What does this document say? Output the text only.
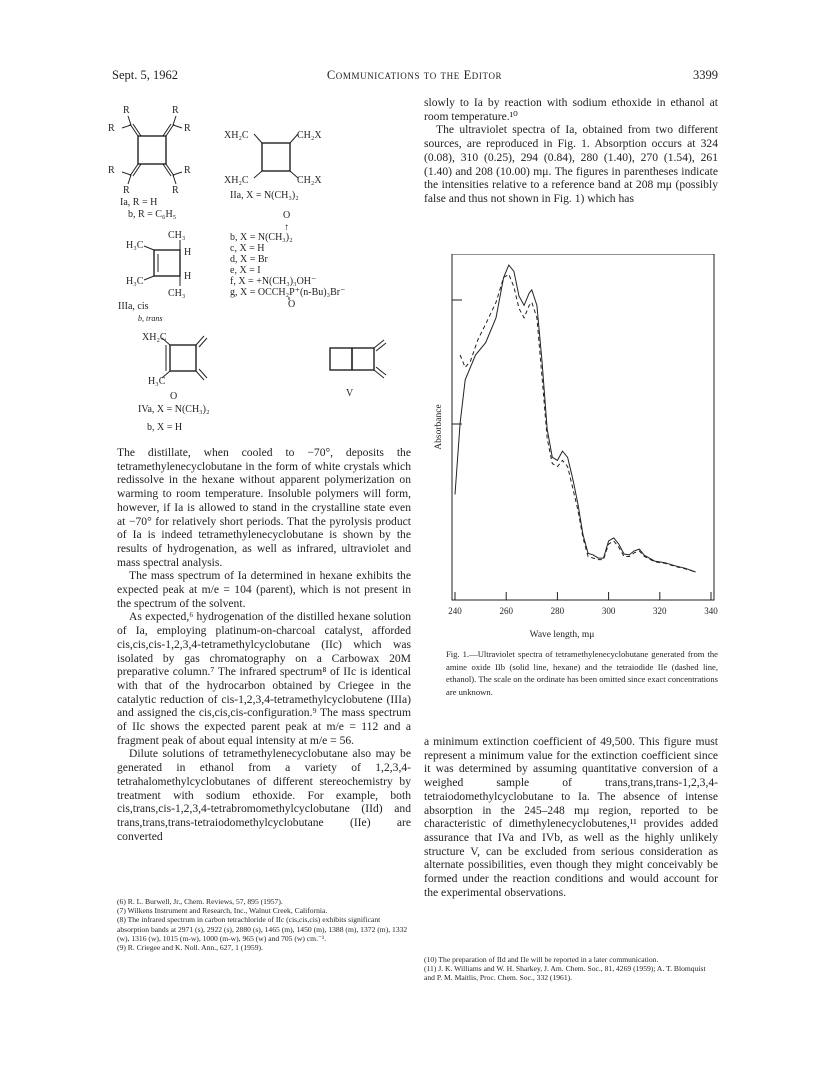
Sept. 5, 1962	Communications to the Editor	3399
R	R
R	R
R	R
R	R
Ia, R = H
b, R = C₆H₅
XH₂C	CH₂X
XH₂C	CH₂X
IIa, X = N(CH₃)₂
O
↑
b, X = N(CH₃)₂
c, X = H
d, X = Br
e, X = I
f, X = +N(CH₃)₃OH⁻
g, X = OCCH₂P⁺(n-Bu)₃Br⁻
O
CH₃
H₃C
H
H₃C	H
CH₃
IIIa, cis
b, trans
XH₂C
H₃C
O
IVa, X = N(CH₃)₂
V
b, X = H

The distillate, when cooled to −70°, deposits the tetramethylenecyclobutane in the form of white crystals which redissolve in the hexane without apparent polymerization on warming to room temperature. Insoluble polymers will form, however, if Ia is allowed to stand in the crystalline state even at −70° for relatively short periods. That the pyrolysis product of Ia is indeed tetramethylenecyclobutane is shown by the results of hydrogenation, as well as infrared, ultraviolet and mass spectral analysis.

The mass spectrum of Ia determined in hexane exhibits the expected peak at m/e = 104 (parent), which is not present in the spectrum of the solvent.

As expected,⁶ hydrogenation of the distilled hexane solution of Ia, employing platinum-on-charcoal catalyst, afforded cis,cis,cis-1,2,3,4-tetramethylcyclobutane (IIc) which was isolated by gas chromatography on a Carbowax 20M preparative column.⁷ The infrared spectrum⁸ of IIc is identical with that of the hydrocarbon obtained by Criegee in the catalytic reduction of cis-1,2,3,4-tetramethylcyclobutene (IIIa) and assigned the cis,cis,cis-configuration.⁹ The mass spectrum of IIc shows the expected parent peak at m/e = 112 and a fragment peak of about equal intensity at m/e = 56.

Dilute solutions of tetramethylenecyclobutane also may be generated in ethanol from a variety of 1,2,3,4-tetrahalomethylcyclobutanes of different stereochemistry by treatment with sodium ethoxide. For example, both cis,trans,cis-1,2,3,4-tetrabromomethylcyclobutane (IId) and trans,trans,trans-tetraiodomethylcyclobutane (IIe) are converted

(6) R. L. Burwell, Jr., Chem. Reviews, 57, 895 (1957).
(7) Wilkens Instrument and Research, Inc., Walnut Creek, California.
(8) The infrared spectrum in carbon tetrachloride of IIc (cis,cis,cis) exhibits significant absorption bands at 2971 (s), 2922 (s), 2880 (s), 1465 (m), 1450 (m), 1388 (m), 1372 (m), 1332 (w), 1316 (w), 1015 (m-w), 1000 (m-w), 965 (w) and 705 (w) cm.⁻¹.
(9) R. Criegee and K. Noll. Ann., 627, 1 (1959).

slowly to Ia by reaction with sodium ethoxide in ethanol at room temperature.¹⁰

The ultraviolet spectra of Ia, obtained from two different sources, are reproduced in Fig. 1. Absorption occurs at 324 (0.08), 310 (0.25), 294 (0.84), 280 (1.40), 270 (1.54), 261 (1.40) and 208 (10.00) mμ. The figures in parentheses indicate the intensities relative to a reference band at 208 mμ (possibly false and thus not shown in Fig. 1) which has

240	260	280	300	320	340
Wave length, mμ
Absorbance
Fig. 1.—Ultraviolet spectra of tetramethylenecyclobutane generated from the amine oxide IIb (solid line, hexane) and the tetraiodide IIe (dashed line, ethanol). The scale on the ordinate has been omitted since exact concentrations are unknown.

a minimum extinction coefficient of 49,500. This figure must represent a minimum value for the extinction coefficient since it was determined by assuming quantitative conversion of a weighed sample of trans,trans,trans-1,2,3,4-tetraiodomethylcyclobutane to Ia. The absence of intense absorption in the 245–248 mμ region, reported to be characteristic of dimethylenecyclobutenes,¹¹ provides added assurance that IVa and IVb, as well as the highly unlikely structure V, can be excluded from serious consideration as alternate possibilities, even though they might conceivably be formed under the reaction conditions and would account for the experimental observations.

(10) The preparation of IId and IIe will be reported in a later communication.
(11) J. K. Williams and W. H. Sharkey, J. Am. Chem. Soc., 81, 4269 (1959); A. T. Blomquist and P. M. Maitlis, Proc. Chem. Soc., 332 (1961).
